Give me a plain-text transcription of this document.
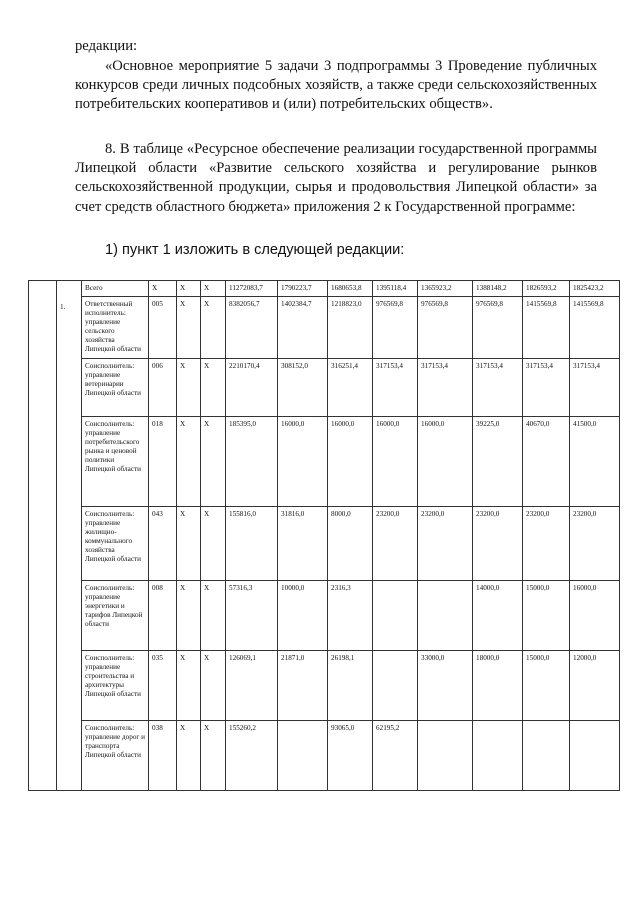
редакции:

«Основное мероприятие 5 задачи 3 подпрограммы 3 Проведение публичных конкурсов среди личных подсобных хозяйств, а также среди сельскохозяйственных потребительских кооперативов и (или) потребительских обществ».

8. В таблице «Ресурсное обеспечение реализации государственной программы Липецкой области «Развитие сельского хозяйства и регулирование рынков сельскохозяйственной продукции, сырья и продовольствия Липецкой области» за счет средств областного бюджета» приложения 2 к Государственной программе:

1) пункт 1 изложить в следующей редакции:
	1.	Всего	Х	Х	Х	11272083,7	1790223,7	1680653,8	1395118,4	1365923,2	1388148,2	1826593,2	1825423,2
		Ответственный исполнитель: управление сельского хозяйства Липецкой области	005	Х	Х	8382056,7	1402384,7	1218823,0	976569,8	976569,8	976569,8	1415569,8	1415569,8
		Соисполнитель: управление ветеринарии Липецкой области	006	Х	Х	2210170,4	308152,0	316251,4	317153,4	317153,4	317153,4	317153,4	317153,4
		Соисполнитель: управление потребительского рынка и ценовой политики Липецкой области	018	Х	Х	185395,0	16000,0	16000,0	16000,0	16000,0	39225,0	40670,0	41500,0
		Соисполнитель: управление жилищно-коммунального хозяйства Липецкой области	043	Х	Х	155816,0	31816,0	8000,0	23200,0	23200,0	23200,0	23200,0	23200,0
		Соисполнитель: управление энергетики и тарифов Липецкой области	008	Х	Х	57316,3	10000,0	2316,3			14000,0	15000,0	16000,0
		Соисполнитель: управление строительства и архитектуры Липецкой области	035	Х	Х	126069,1	21871,0	26198,1		33000,0	18000,0	15000,0	12000,0
		Соисполнитель: управление дорог и транспорта Липецкой области	038	Х	Х	155260,2		93065,0	62195,2				
